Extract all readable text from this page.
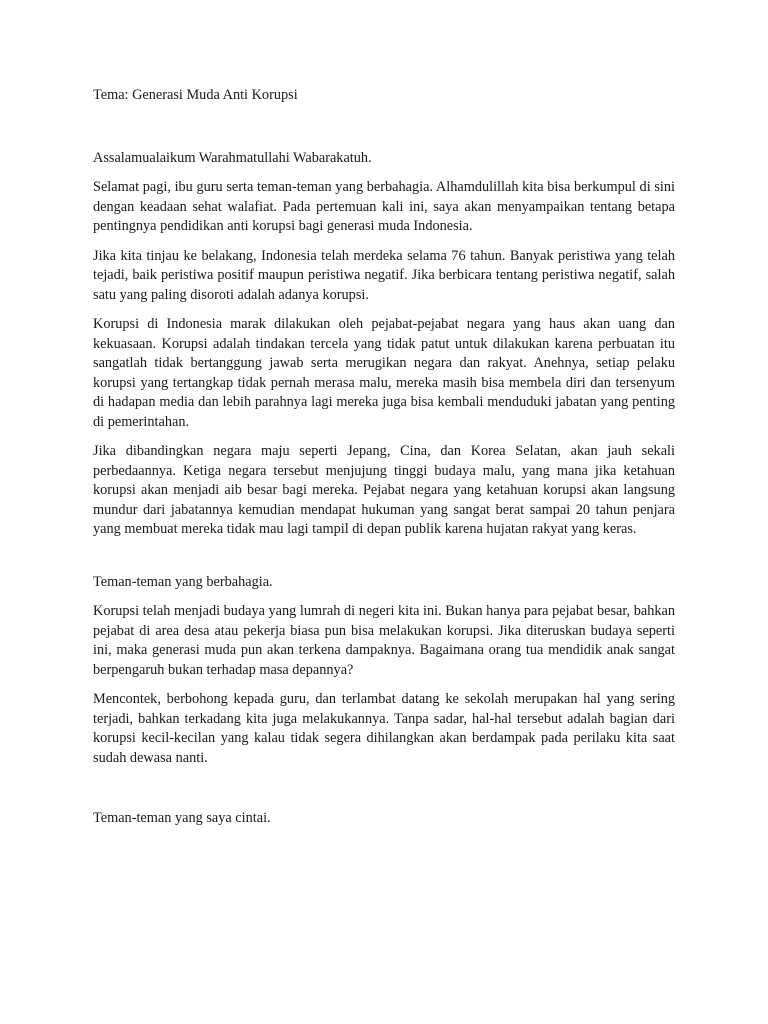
Tema: Generasi Muda Anti Korupsi

Assalamualaikum Warahmatullahi Wabarakatuh.

Selamat pagi, ibu guru serta teman-teman yang berbahagia. Alhamdulillah kita bisa berkumpul di sini dengan keadaan sehat walafiat. Pada pertemuan kali ini, saya akan menyampaikan tentang betapa pentingnya pendidikan anti korupsi bagi generasi muda Indonesia.

Jika kita tinjau ke belakang, Indonesia telah merdeka selama 76 tahun. Banyak peristiwa yang telah tejadi, baik peristiwa positif maupun peristiwa negatif. Jika berbicara tentang peristiwa negatif, salah satu yang paling disoroti adalah adanya korupsi.

Korupsi di Indonesia marak dilakukan oleh pejabat-pejabat negara yang haus akan uang dan kekuasaan. Korupsi adalah tindakan tercela yang tidak patut untuk dilakukan karena perbuatan itu sangatlah tidak bertanggung jawab serta merugikan negara dan rakyat. Anehnya, setiap pelaku korupsi yang tertangkap tidak pernah merasa malu, mereka masih bisa membela diri dan tersenyum di hadapan media dan lebih parahnya lagi mereka juga bisa kembali menduduki jabatan yang penting di pemerintahan.

Jika dibandingkan negara maju seperti Jepang, Cina, dan Korea Selatan, akan jauh sekali perbedaannya. Ketiga negara tersebut menjujung tinggi budaya malu, yang mana jika ketahuan korupsi akan menjadi aib besar bagi mereka. Pejabat negara yang ketahuan korupsi akan langsung mundur dari jabatannya kemudian mendapat hukuman yang sangat berat sampai 20 tahun penjara yang membuat mereka tidak mau lagi tampil di depan publik karena hujatan rakyat yang keras.

Teman-teman yang berbahagia.

Korupsi telah menjadi budaya yang lumrah di negeri kita ini. Bukan hanya para pejabat besar, bahkan pejabat di area desa atau pekerja biasa pun bisa melakukan korupsi. Jika diteruskan budaya seperti ini, maka generasi muda pun akan terkena dampaknya. Bagaimana orang tua mendidik anak sangat berpengaruh bukan terhadap masa depannya?

Mencontek, berbohong kepada guru, dan terlambat datang ke sekolah merupakan hal yang sering terjadi, bahkan terkadang kita juga melakukannya. Tanpa sadar, hal-hal tersebut adalah bagian dari korupsi kecil-kecilan yang kalau tidak segera dihilangkan akan berdampak pada perilaku kita saat sudah dewasa nanti.

Teman-teman yang saya cintai.
